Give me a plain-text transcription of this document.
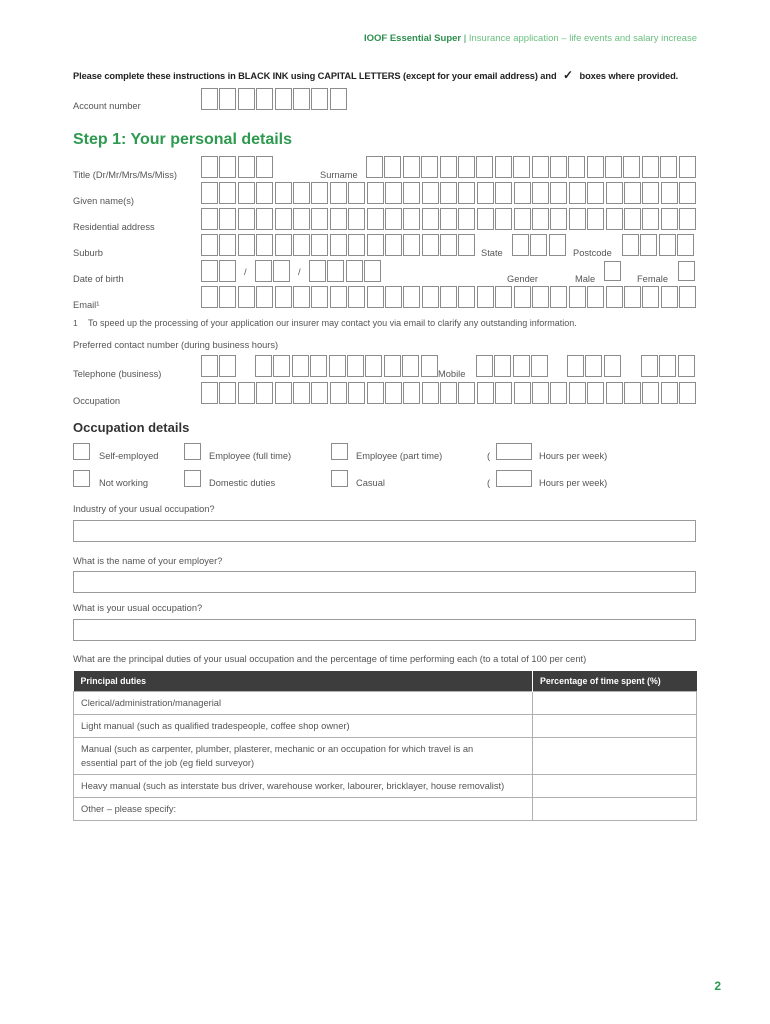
IOOF Essential Super | Insurance application – life events and salary increase
Please complete these instructions in BLACK INK using CAPITAL LETTERS (except for your email address) and ✓ boxes where provided.
Account number
Step 1: Your personal details
Title (Dr/Mr/Mrs/Ms/Miss)	Surname
Given name(s)
Residential address
Suburb	State	Postcode
Date of birth
/	/
Gender	Male	Female
Email¹
1 To speed up the processing of your application our insurer may contact you via email to clarify any outstanding information.
Preferred contact number (during business hours)
Telephone (business)	Mobile
Occupation
Occupation details
Self-employed	Employee (full time)	Employee (part time)	(	Hours per week)
Not working	Domestic duties	Casual	(	Hours per week)
Industry of your usual occupation?
What is the name of your employer?
What is your usual occupation?
What are the principal duties of your usual occupation and the percentage of time performing each (to a total of 100 per cent)
Principal duties	Percentage of time spent (%)
Clerical/administration/managerial	
Light manual (such as qualified tradespeople, coffee shop owner)	
Manual (such as carpenter, plumber, plasterer, mechanic or an occupation for which travel is an essential part of the job (eg field surveyor)	
Heavy manual (such as interstate bus driver, warehouse worker, labourer, bricklayer, house removalist)	
Other – please specify:	
2
